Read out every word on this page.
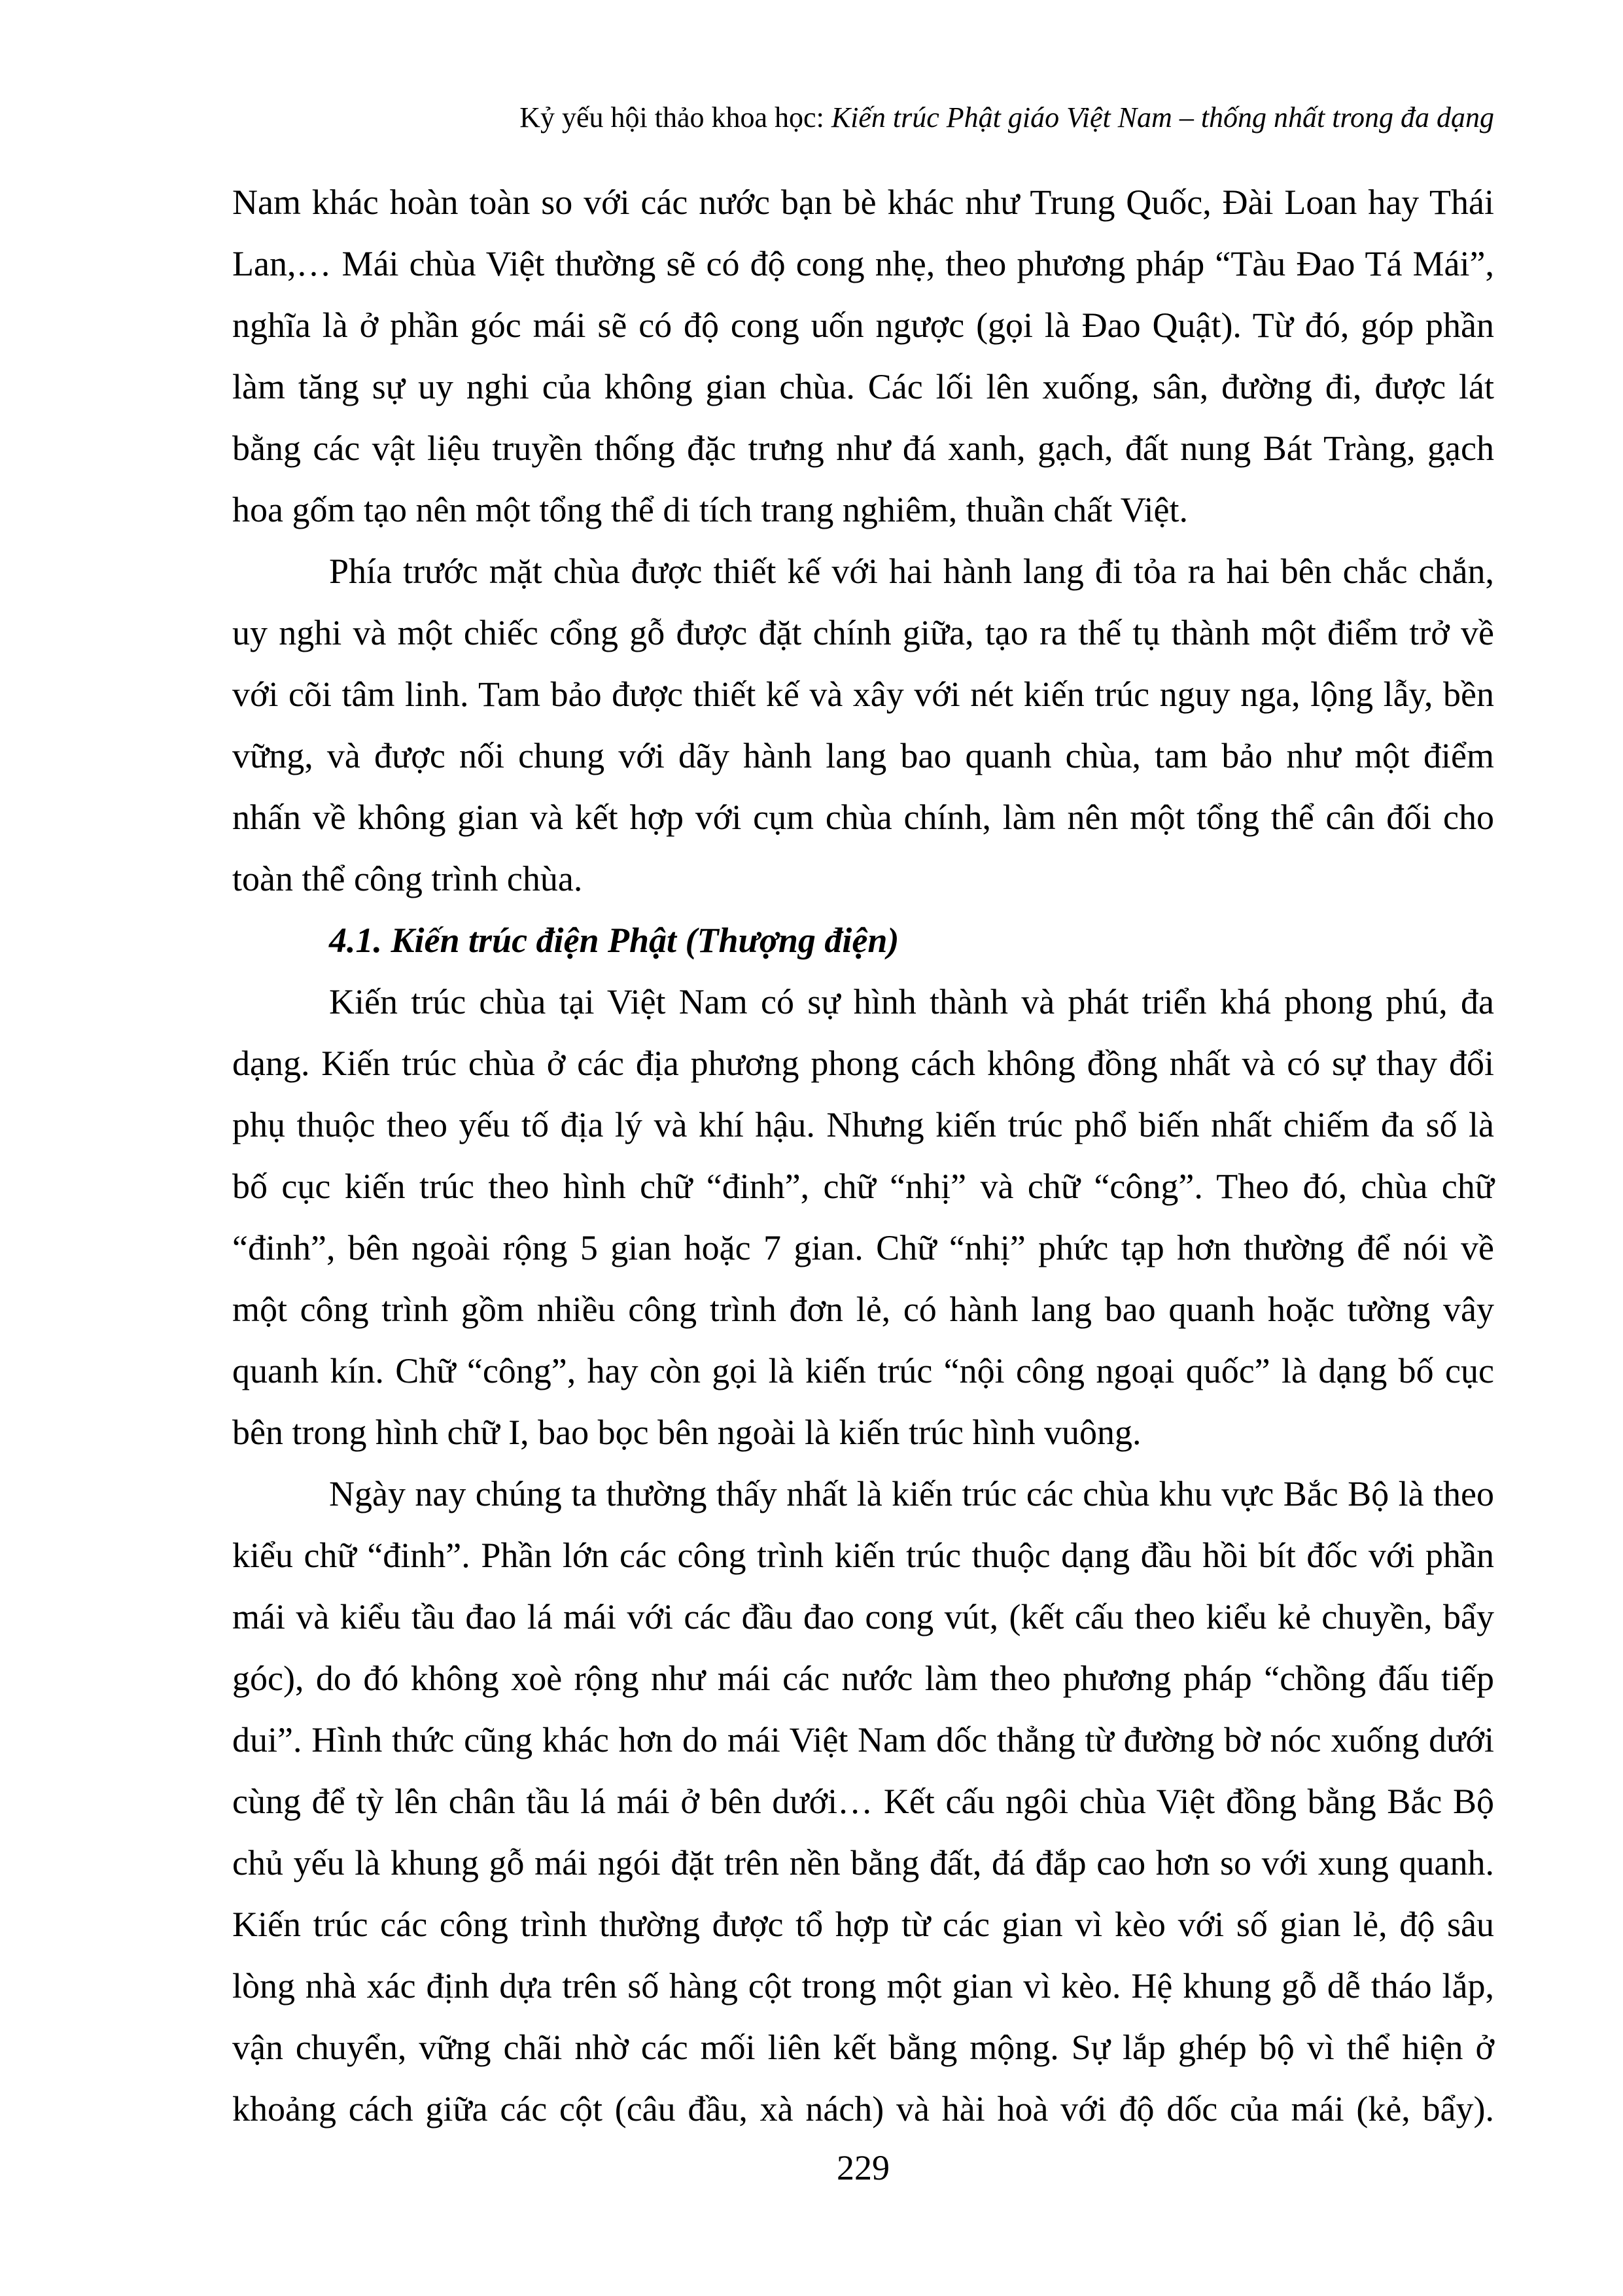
Kỷ yếu hội thảo khoa học: Kiến trúc Phật giáo Việt Nam – thống nhất trong đa dạng
Nam khác hoàn toàn so với các nước bạn bè khác như Trung Quốc, Đài Loan hay Thái
Lan,… Mái chùa Việt thường sẽ có độ cong nhẹ, theo phương pháp “Tàu Đao Tá Mái”,
nghĩa là ở phần góc mái sẽ có độ cong uốn ngược (gọi là Đao Quật). Từ đó, góp phần
làm tăng sự uy nghi của không gian chùa. Các lối lên xuống, sân, đường đi, được lát
bằng các vật liệu truyền thống đặc trưng như đá xanh, gạch, đất nung Bát Tràng, gạch
hoa gốm tạo nên một tổng thể di tích trang nghiêm, thuần chất Việt.
Phía trước mặt chùa được thiết kế với hai hành lang đi tỏa ra hai bên chắc chắn,
uy nghi và một chiếc cổng gỗ được đặt chính giữa, tạo ra thế tụ thành một điểm trở về
với cõi tâm linh. Tam bảo được thiết kế và xây với nét kiến trúc nguy nga, lộng lẫy, bền
vững, và được nối chung với dãy hành lang bao quanh chùa, tam bảo như một điểm
nhấn về không gian và kết hợp với cụm chùa chính, làm nên một tổng thể cân đối cho
toàn thể công trình chùa.
4.1. Kiến trúc điện Phật (Thượng điện)
Kiến trúc chùa tại Việt Nam có sự hình thành và phát triển khá phong phú, đa
dạng. Kiến trúc chùa ở các địa phương phong cách không đồng nhất và có sự thay đổi
phụ thuộc theo yếu tố địa lý và khí hậu. Nhưng kiến trúc phổ biến nhất chiếm đa số là
bố cục kiến trúc theo hình chữ “đinh”, chữ “nhị” và chữ “công”. Theo đó, chùa chữ
“đinh”, bên ngoài rộng 5 gian hoặc 7 gian. Chữ “nhị” phức tạp hơn thường để nói về
một công trình gồm nhiều công trình đơn lẻ, có hành lang bao quanh hoặc tường vây
quanh kín. Chữ “công”, hay còn gọi là kiến trúc “nội công ngoại quốc” là dạng bố cục
bên trong hình chữ I, bao bọc bên ngoài là kiến trúc hình vuông.
Ngày nay chúng ta thường thấy nhất là kiến trúc các chùa khu vực Bắc Bộ là theo
kiểu chữ “đinh”. Phần lớn các công trình kiến trúc thuộc dạng đầu hồi bít đốc với phần
mái và kiểu tầu đao lá mái với các đầu đao cong vút, (kết cấu theo kiểu kẻ chuyền, bẩy
góc), do đó không xoè rộng như mái các nước làm theo phương pháp “chồng đấu tiếp
dui”. Hình thức cũng khác hơn do mái Việt Nam dốc thẳng từ đường bờ nóc xuống dưới
cùng để tỳ lên chân tầu lá mái ở bên dưới… Kết cấu ngôi chùa Việt đồng bằng Bắc Bộ
chủ yếu là khung gỗ mái ngói đặt trên nền bằng đất, đá đắp cao hơn so với xung quanh.
Kiến trúc các công trình thường được tổ hợp từ các gian vì kèo với số gian lẻ, độ sâu
lòng nhà xác định dựa trên số hàng cột trong một gian vì kèo. Hệ khung gỗ dễ tháo lắp,
vận chuyển, vững chãi nhờ các mối liên kết bằng mộng. Sự lắp ghép bộ vì thể hiện ở
khoảng cách giữa các cột (câu đầu, xà nách) và hài hoà với độ dốc của mái (kẻ, bẩy).
229
